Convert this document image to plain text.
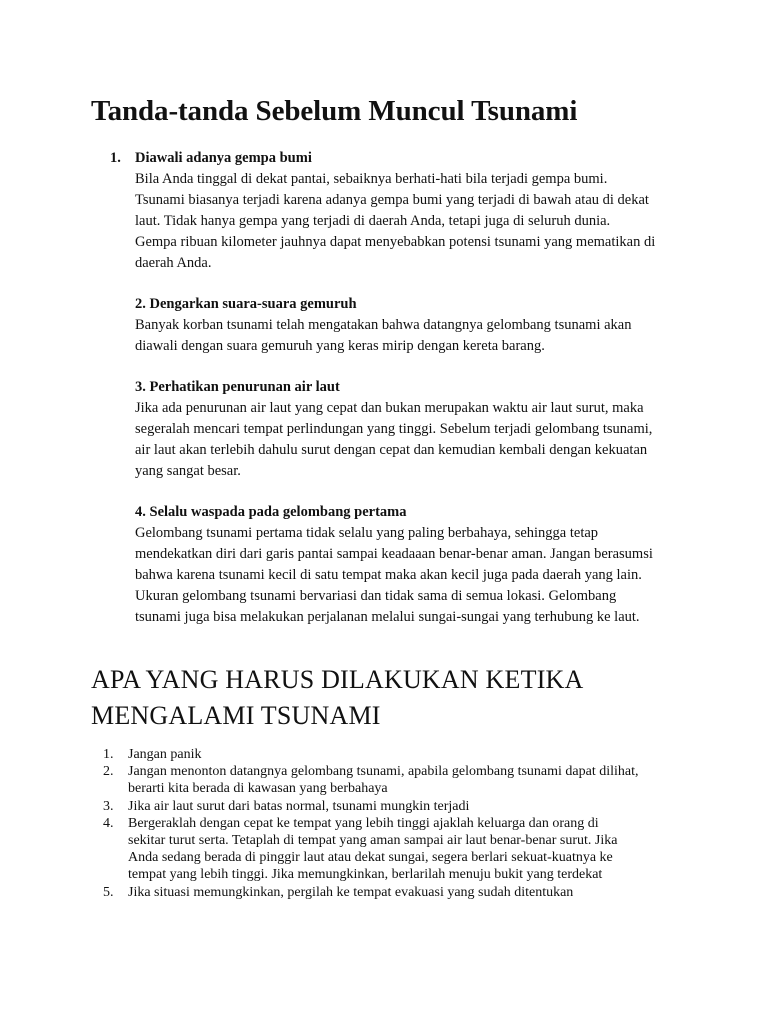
Tanda-tanda Sebelum Muncul Tsunami
1. Diawali adanya gempa bumi
Bila Anda tinggal di dekat pantai, sebaiknya berhati-hati bila terjadi gempa bumi.
Tsunami biasanya terjadi karena adanya gempa bumi yang terjadi di bawah atau di dekat
laut. Tidak hanya gempa yang terjadi di daerah Anda, tetapi juga di seluruh dunia.
Gempa ribuan kilometer jauhnya dapat menyebabkan potensi tsunami yang mematikan di
daerah Anda.
2. Dengarkan suara-suara gemuruh
Banyak korban tsunami telah mengatakan bahwa datangnya gelombang tsunami akan
diawali dengan suara gemuruh yang keras mirip dengan kereta barang.
3. Perhatikan penurunan air laut
Jika ada penurunan air laut yang cepat dan bukan merupakan waktu air laut surut, maka
segeralah mencari tempat perlindungan yang tinggi. Sebelum terjadi gelombang tsunami,
air laut akan terlebih dahulu surut dengan cepat dan kemudian kembali dengan kekuatan
yang sangat besar.
4. Selalu waspada pada gelombang pertama
Gelombang tsunami pertama tidak selalu yang paling berbahaya, sehingga tetap
mendekatkan diri dari garis pantai sampai keadaaan benar-benar aman. Jangan berasumsi
bahwa karena tsunami kecil di satu tempat maka akan kecil juga pada daerah yang lain.
Ukuran gelombang tsunami bervariasi dan tidak sama di semua lokasi. Gelombang
tsunami juga bisa melakukan perjalanan melalui sungai-sungai yang terhubung ke laut.
APA YANG HARUS DILAKUKAN KETIKA
MENGALAMI TSUNAMI
1. Jangan panik
2. Jangan menonton datangnya gelombang tsunami, apabila gelombang tsunami dapat dilihat,
berarti kita berada di kawasan yang berbahaya
3. Jika air laut surut dari batas normal, tsunami mungkin terjadi
4. Bergeraklah dengan cepat ke tempat yang lebih tinggi ajaklah keluarga dan orang di
sekitar turut serta. Tetaplah di tempat yang aman sampai air laut benar-benar surut. Jika
Anda sedang berada di pinggir laut atau dekat sungai, segera berlari sekuat-kuatnya ke
tempat yang lebih tinggi. Jika memungkinkan, berlarilah menuju bukit yang terdekat
5. Jika situasi memungkinkan, pergilah ke tempat evakuasi yang sudah ditentukan
